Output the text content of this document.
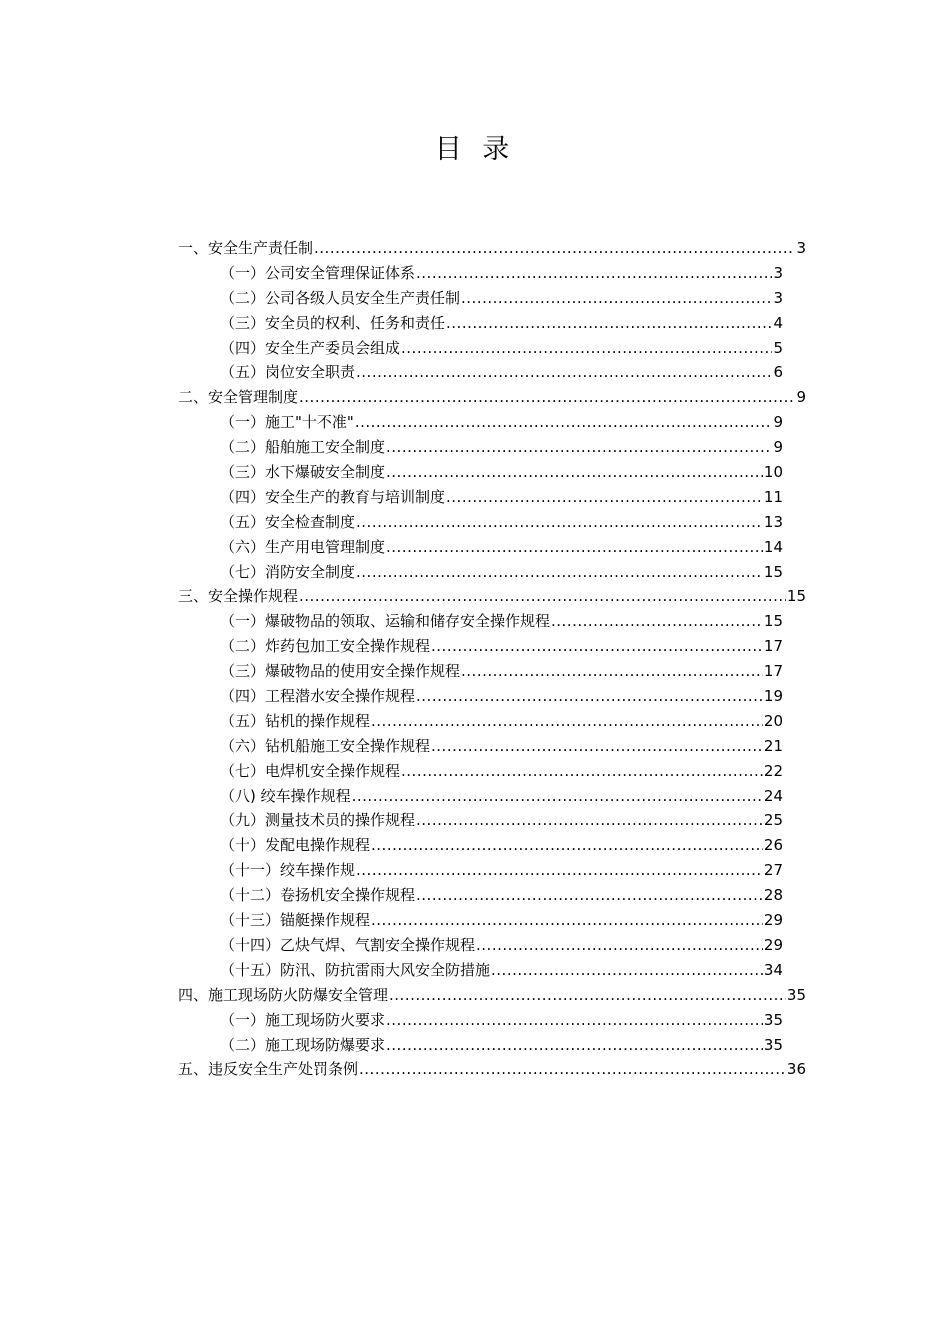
目 录
一、安全生产责任制 .....	3
（一）公司安全管理保证体系 .....	3
（二）公司各级人员安全生产责任制 .....	3
（三）安全员的权利、任务和责任 .....	4
（四）安全生产委员会组成 .....	5
（五）岗位安全职责 .....	6
二、安全管理制度 .....	9
（一）施工"十不准" .....	9
（二）船舶施工安全制度 .....	9
（三）水下爆破安全制度 .....	10
（四）安全生产的教育与培训制度 .....	11
（五）安全检查制度 .....	13
（六）生产用电管理制度 .....	14
（七）消防安全制度 .....	15
三、安全操作规程 .....	15
（一）爆破物品的领取、运输和储存安全操作规程 .....	15
（二）炸药包加工安全操作规程 .....	17
（三）爆破物品的使用安全操作规程 .....	17
（四）工程潜水安全操作规程 .....	19
（五）钻机的操作规程 .....	20
（六）钻机船施工安全操作规程 .....	21
（七）电焊机安全操作规程 .....	22
（八) 绞车操作规程 .....	24
（九）测量技术员的操作规程 .....	25
（十）发配电操作规程 .....	26
（十一）绞车操作规 .....	27
（十二）卷扬机安全操作规程 .....	28
（十三）锚艇操作规程 .....	29
（十四）乙炔气焊、气割安全操作规程 .....	29
（十五）防汛、防抗雷雨大风安全防措施 .....	34
四、施工现场防火防爆安全管理 .....	35
（一）施工现场防火要求 .....	35
（二）施工现场防爆要求 .....	35
五、违反安全生产处罚条例 .....	36
